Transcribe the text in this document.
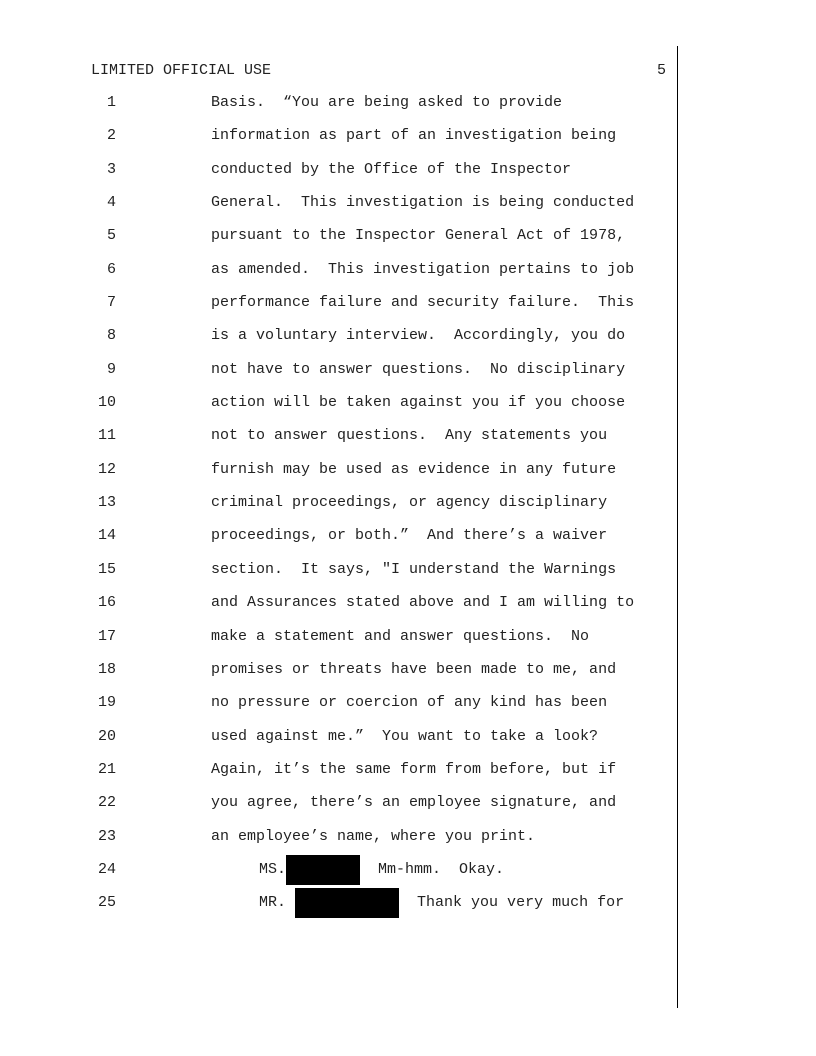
LIMITED OFFICIAL USE	5
1	Basis.  “You are being asked to provide
2	information as part of an investigation being
3	conducted by the Office of the Inspector
4	General.  This investigation is being conducted
5	pursuant to the Inspector General Act of 1978,
6	as amended.  This investigation pertains to job
7	performance failure and security failure.  This
8	is a voluntary interview.  Accordingly, you do
9	not have to answer questions.  No disciplinary
10	action will be taken against you if you choose
11	not to answer questions.  Any statements you
12	furnish may be used as evidence in any future
13	criminal proceedings, or agency disciplinary
14	proceedings, or both.”  And there’s a waiver
15	section.  It says, "I understand the Warnings
16	and Assurances stated above and I am willing to
17	make a statement and answer questions.  No
18	promises or threats have been made to me, and
19	no pressure or coercion of any kind has been
20	used against me.”  You want to take a look?
21	Again, it’s the same form from before, but if
22	you agree, there’s an employee signature, and
23	an employee’s name, where you print.
24	MS.	Mm-hmm.  Okay.
25	MR.	Thank you very much for
